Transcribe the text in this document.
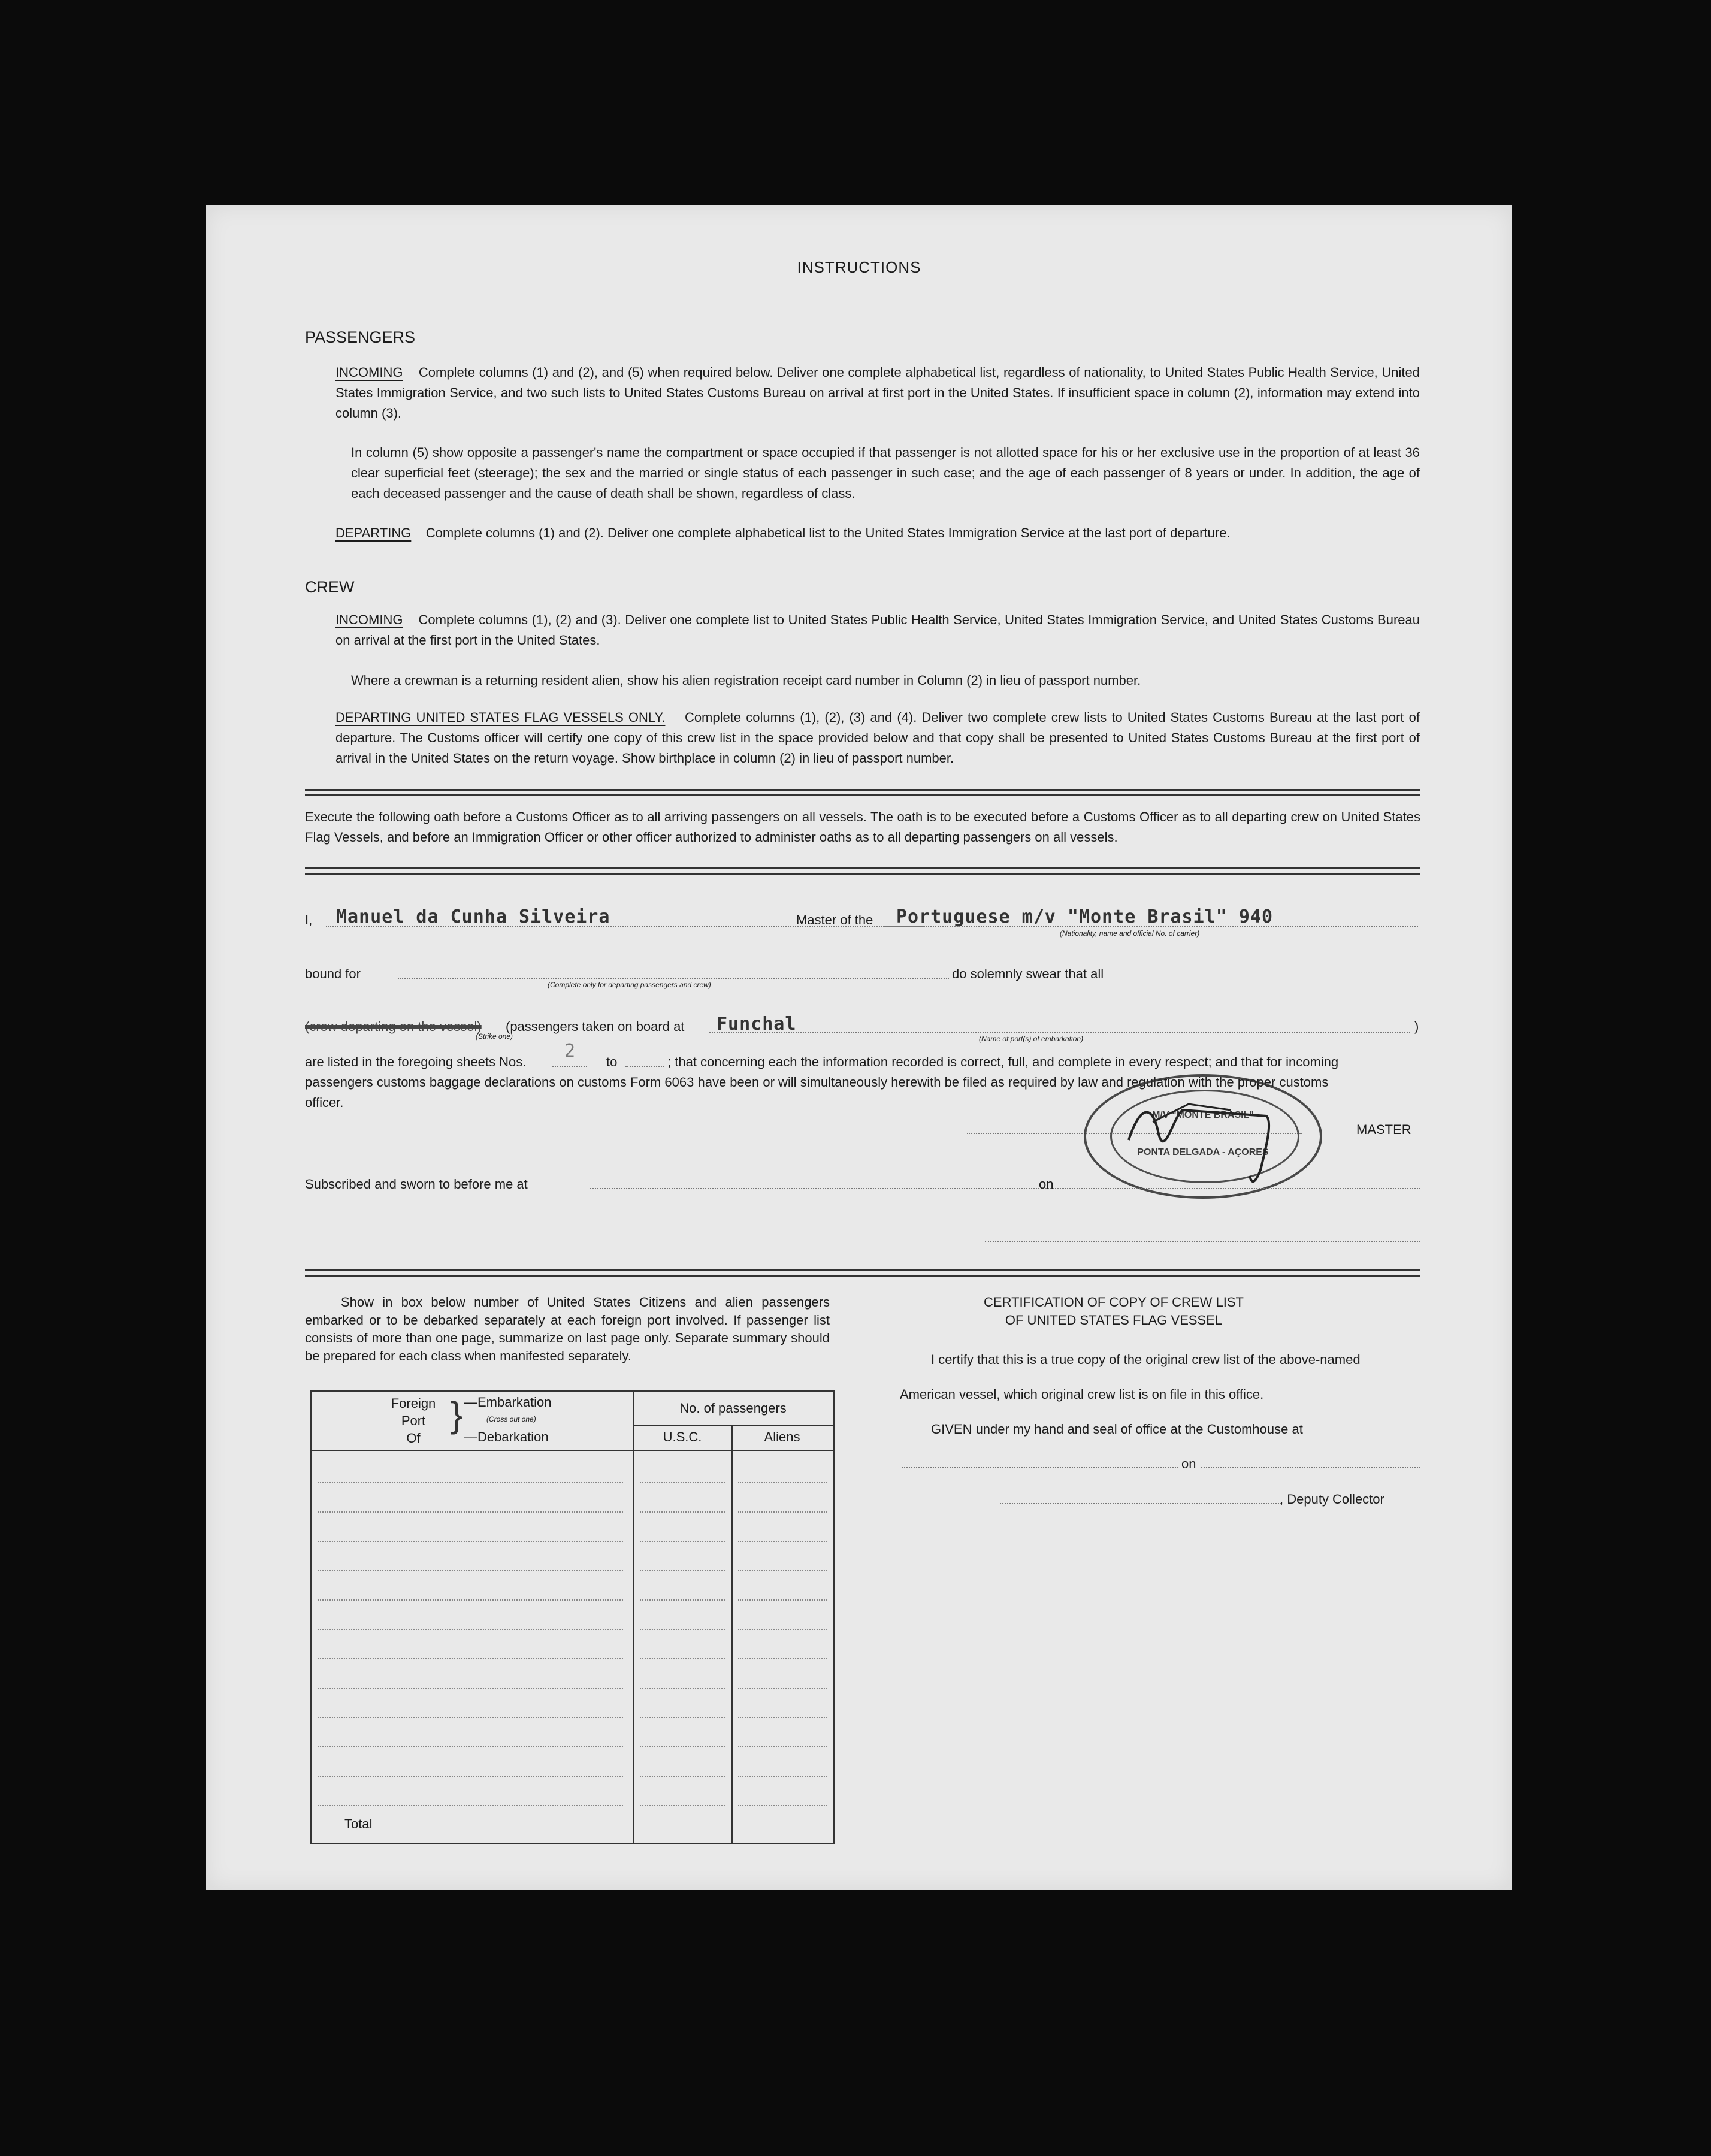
INSTRUCTIONS
PASSENGERS
INCOMING Complete columns (1) and (2), and (5) when required below. Deliver one complete alphabetical list, regardless of nationality, to United States Public Health Service, United States Immigration Service, and two such lists to United States Customs Bureau on arrival at first port in the United States. If insufficient space in column (2), information may extend into column (3).
In column (5) show opposite a passenger's name the compartment or space occupied if that passenger is not allotted space for his or her exclusive use in the proportion of at least 36 clear superficial feet (steerage); the sex and the married or single status of each passenger in such case; and the age of each passenger of 8 years or under. In addition, the age of each deceased passenger and the cause of death shall be shown, regardless of class.
DEPARTING Complete columns (1) and (2). Deliver one complete alphabetical list to the United States Immigration Service at the last port of departure.
CREW
INCOMING Complete columns (1), (2) and (3). Deliver one complete list to United States Public Health Service, United States Immigration Service, and United States Customs Bureau on arrival at the first port in the United States.
Where a crewman is a returning resident alien, show his alien registration receipt card number in Column (2) in lieu of passport number.
DEPARTING UNITED STATES FLAG VESSELS ONLY. Complete columns (1), (2), (3) and (4). Deliver two complete crew lists to United States Customs Bureau at the last port of departure. The Customs officer will certify one copy of this crew list in the space provided below and that copy shall be presented to United States Customs Bureau at the first port of arrival in the United States on the return voyage. Show birthplace in column (2) in lieu of passport number.
Execute the following oath before a Customs Officer as to all arriving passengers on all vessels. The oath is to be executed before a Customs Officer as to all departing crew on United States Flag Vessels, and before an Immigration Officer or other officer authorized to administer oaths as to all departing passengers on all vessels.
I, Manuel da Cunha Silveira	Master of the Portuguese m/v "Monte Brasil" 940
(Nationality, name and official No. of carrier)
bound for
(Complete only for departing passengers and crew)
do solemnly swear that all
(crew departing on the vessel)
(Strike one)
(passengers taken on board at Funchal
(Name of port(s) of embarkation)
)
are listed in the foregoing sheets Nos.
2
to	; that concerning each the information recorded is correct, full, and complete in every respect; and that for incoming
passengers customs baggage declarations on customs Form 6063 have been or will simultaneously herewith be filed as required by law and regulation with the proper customs
officer.
MASTER
M/V "MONTE BRASIL"
PONTA DELGADA - AÇORES
Subscribed and sworn to before me at	on
Show in box below number of United States Citizens and alien passengers embarked or to be debarked separately at each foreign port involved. If passenger list consists of more than one page, summarize on last page only. Separate summary should be prepared for each class when manifested separately.
Foreign
Port
Of
} —Embarkation
(Cross out one)
—Debarkation
No. of passengers
U.S.C.	Aliens
Total
CERTIFICATION OF COPY OF CREW LIST
OF UNITED STATES FLAG VESSEL
I certify that this is a true copy of the original crew list of the above-named
American vessel, which original crew list is on file in this office.
GIVEN under my hand and seal of office at the Customhouse at
on
, Deputy Collector
